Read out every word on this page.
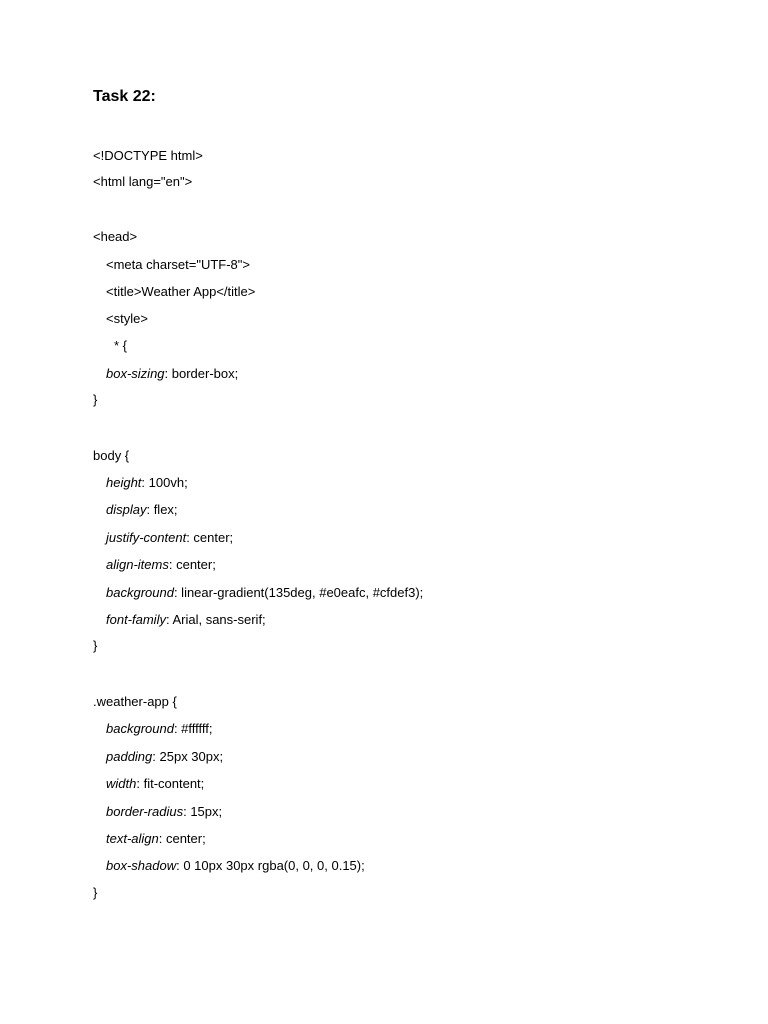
Task 22:
<!DOCTYPE html>
<html lang="en">
<head>
<meta charset="UTF-8">
<title>Weather App</title>
<style>
* {
box-sizing: border-box;
}
body {
height: 100vh;
display: flex;
justify-content: center;
align-items: center;
background: linear-gradient(135deg, #e0eafc, #cfdef3);
font-family: Arial, sans-serif;
}
.weather-app {
background: #ffffff;
padding: 25px 30px;
width: fit-content;
border-radius: 15px;
text-align: center;
box-shadow: 0 10px 30px rgba(0, 0, 0, 0.15);
}
